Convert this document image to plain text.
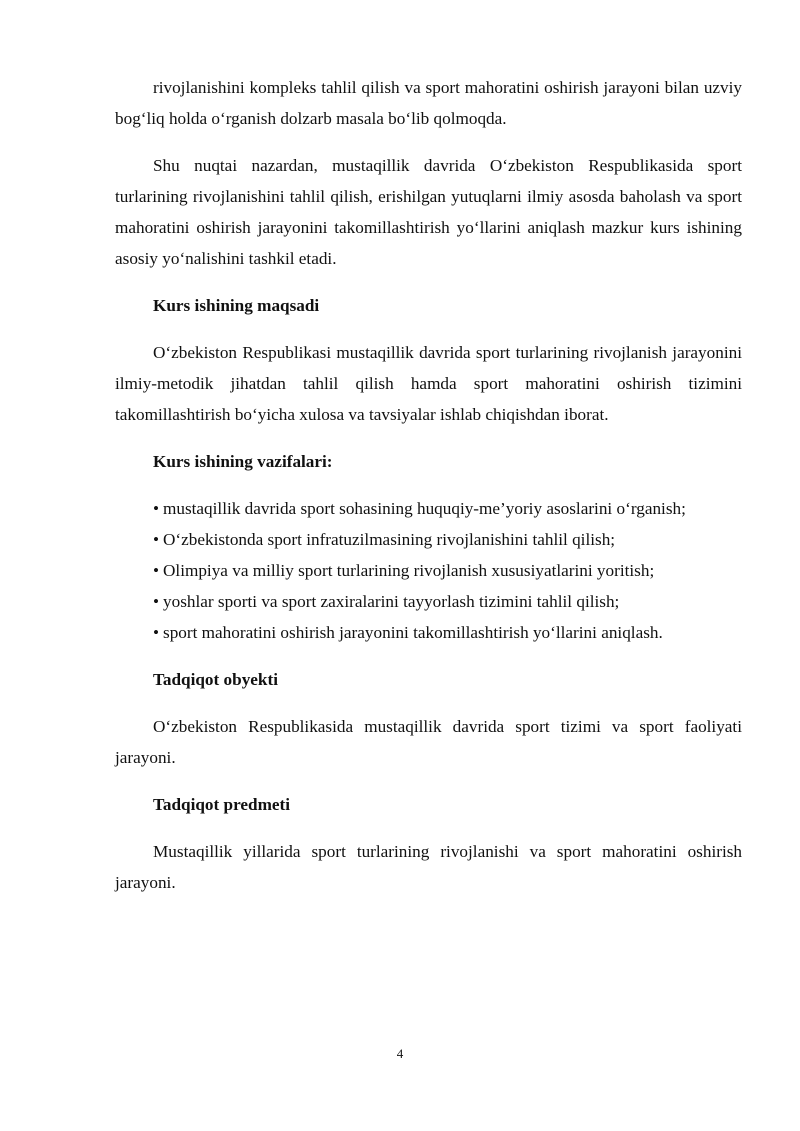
rivojlanishini kompleks tahlil qilish va sport mahoratini oshirish jarayoni bilan uzviy bog‘liq holda o‘rganish dolzarb masala bo‘lib qolmoqda.

Shu nuqtai nazardan, mustaqillik davrida O‘zbekiston Respublikasida sport turlarining rivojlanishini tahlil qilish, erishilgan yutuqlarni ilmiy asosda baholash va sport mahoratini oshirish jarayonini takomillashtirish yo‘llarini aniqlash mazkur kurs ishining asosiy yo‘nalishini tashkil etadi.

Kurs ishining maqsadi

O‘zbekiston Respublikasi mustaqillik davrida sport turlarining rivojlanish jarayonini ilmiy-metodik jihatdan tahlil qilish hamda sport mahoratini oshirish tizimini takomillashtirish bo‘yicha xulosa va tavsiyalar ishlab chiqishdan iborat.

Kurs ishining vazifalari:

• mustaqillik davrida sport sohasining huquqiy-me’yoriy asoslarini o‘rganish;
• O‘zbekistonda sport infratuzilmasining rivojlanishini tahlil qilish;
• Olimpiya va milliy sport turlarining rivojlanish xususiyatlarini yoritish;
• yoshlar sporti va sport zaxiralarini tayyorlash tizimini tahlil qilish;
• sport mahoratini oshirish jarayonini takomillashtirish yo‘llarini aniqlash.

Tadqiqot obyekti

O‘zbekiston Respublikasida mustaqillik davrida sport tizimi va sport faoliyati jarayoni.

Tadqiqot predmeti

Mustaqillik yillarida sport turlarining rivojlanishi va sport mahoratini oshirish jarayoni.

4
